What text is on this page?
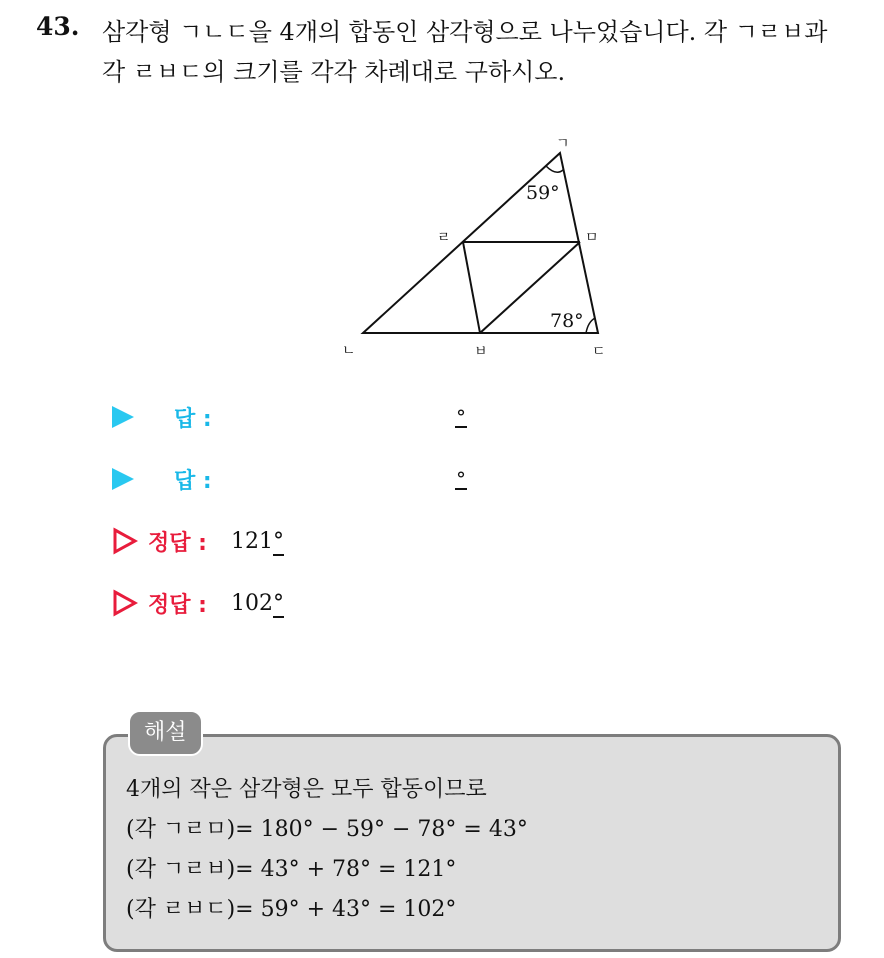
43. 삼각형 ㄱㄴㄷ을 4개의 합동인 삼각형으로 나누었습니다. 각 ㄱㄹㅂ과
각 ㄹㅂㄷ의 크기를 각각 차례대로 구하시오.

59°
78°
ㄱ
ㄹ	ㅁ
ㄴ	ㅂ	ㄷ
답 :	°
답 :	°
정답 : 121°
정답 : 102°
해설

4개의 작은 삼각형은 모두 합동이므로
(각 ㄱㄹㅁ)= 180° − 59° − 78° = 43°
(각 ㄱㄹㅂ)= 43° + 78° = 121°
(각 ㄹㅂㄷ)= 59° + 43° = 102°
